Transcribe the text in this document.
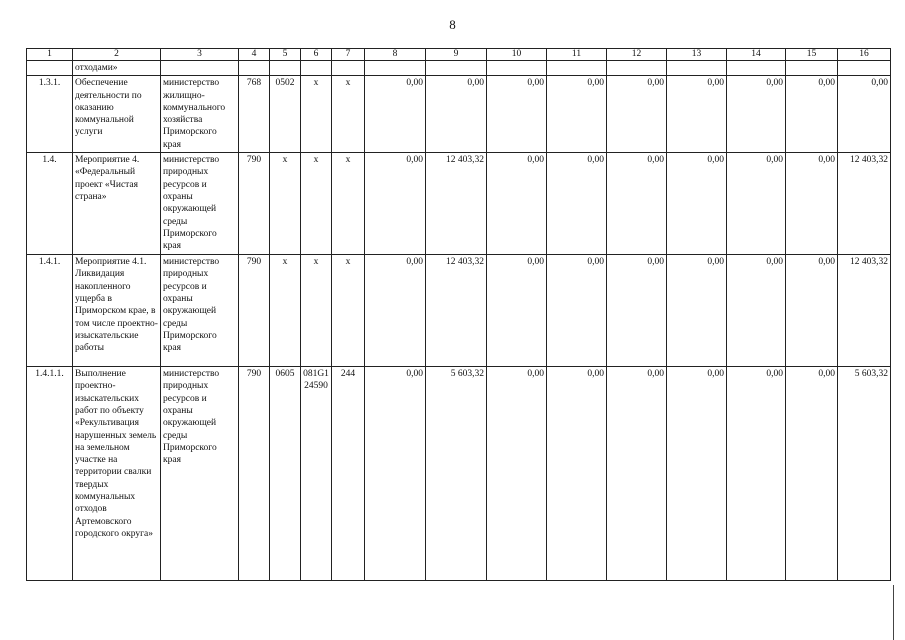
8
1	2	3	4	5	6	7	8	9	10	11	12	13	14	15	16
	отходами»														
1.3.1.	Обеспечение деятельности по оказанию коммунальной услуги	министерство жилищно-коммунального хозяйства Приморского края	768	0502	х	х	0,00	0,00	0,00	0,00	0,00	0,00	0,00	0,00	0,00
1.4.	Мероприятие 4. «Федеральный проект «Чистая страна»	министерство природных ресурсов и охраны окружающей среды Приморского края	790	х	х	х	0,00	12 403,32	0,00	0,00	0,00	0,00	0,00	0,00	12 403,32
1.4.1.	Мероприятие 4.1. Ликвидация накопленного ущерба в Приморском крае, в том числе проектно-изыскательские работы	министерство природных ресурсов и охраны окружающей среды Приморского края	790	х	х	х	0,00	12 403,32	0,00	0,00	0,00	0,00	0,00	0,00	12 403,32
1.4.1.1.	Выполнение проектно-изыскательских работ по объекту «Рекультивация нарушенных земель на земельном участке на территории свалки твердых коммунальных отходов Артемовского городского округа»	министерство природных ресурсов и охраны окружающей среды Приморского края	790	0605	081G1 24590	244	0,00	5 603,32	0,00	0,00	0,00	0,00	0,00	0,00	5 603,32
